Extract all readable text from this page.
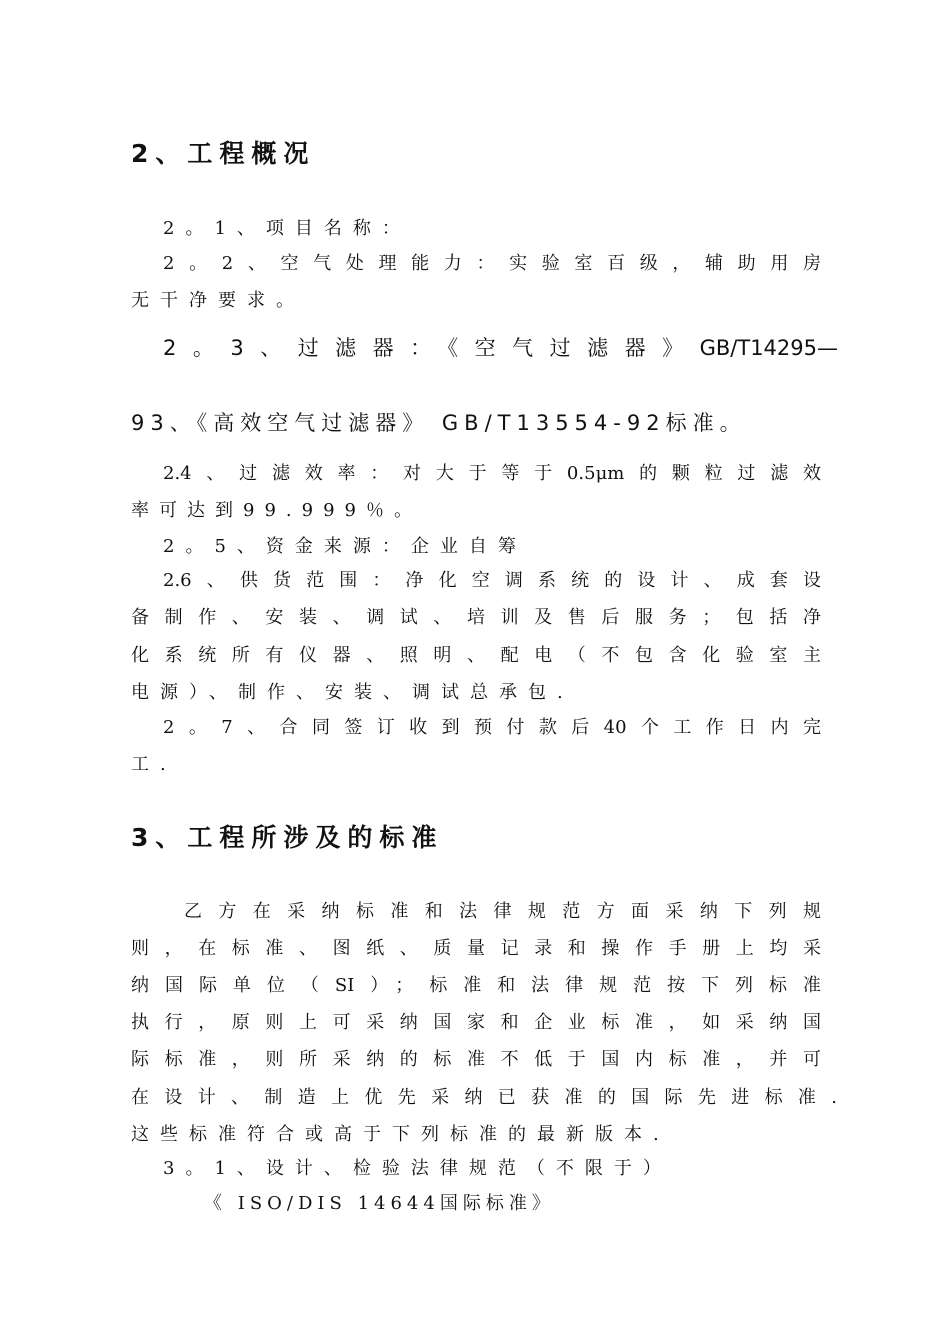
2、工程概况
2。1、项目名称：
2。2、空气处理能力：实验室百级，辅助用房
无干净要求。
2。3、过滤器：《空气过滤器》GB/T14295—
93、《高效空气过滤器》 GB/T13554-92标准。
2.4、过滤效率：对大于等于0.5μm的颗粒过滤效
率可达到99.999％。
2。5、资金来源：企业自筹
2.6、供货范围：净化空调系统的设计、成套设
备制作、安装、调试、培训及售后服务；包括净
化系统所有仪器、照明、配电（不包含化验室主
电源）、制作、安装、调试总承包.
2。7、合同签订收到预付款后40个工作日内完
工.
3、工程所涉及的标准
乙方在采纳标准和法律规范方面采纳下列规
则，在标准、图纸、质量记录和操作手册上均采
纳国际单位（SI）；标准和法律规范按下列标准
执行，原则上可采纳国家和企业标准，如采纳国
际标准，则所采纳的标准不低于国内标准，并可
在设计、制造上优先采纳已获准的国际先进标准.
这些标准符合或高于下列标准的最新版本.
3。1、设计、检验法律规范（不限于）
《 ISO/DIS 14644国际标准》
